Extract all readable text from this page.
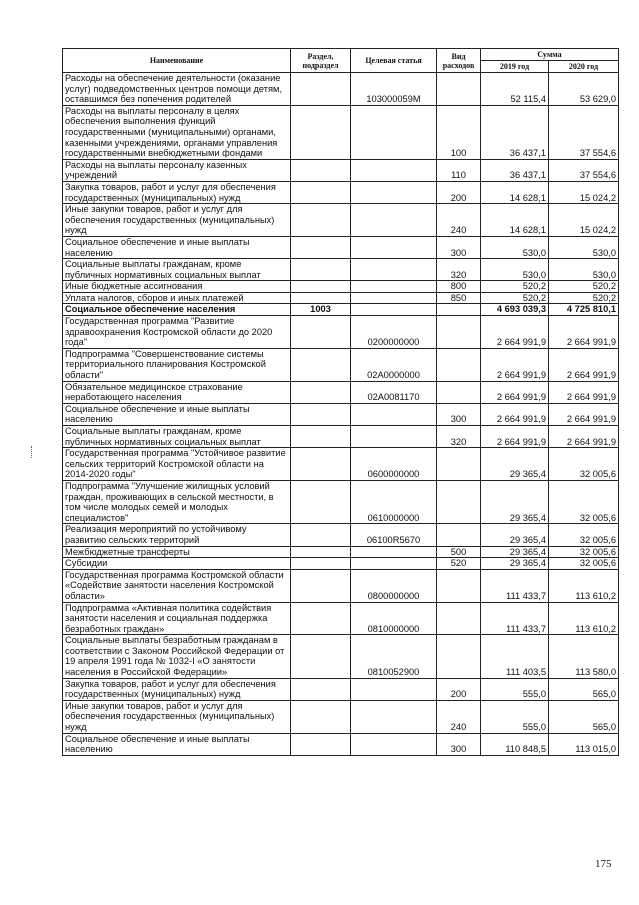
Наименование	Раздел, подраздел	Целевая статья	Вид расходов	Сумма	
				2019 год	2020 год
Расходы на обеспечение деятельности (оказание услуг) подведомственных центров помощи детям, оставшимся без попечения родителей		103000059M		52 115,4	53 629,0
Расходы на выплаты персоналу в целях обеспечения выполнения функций государственными (муниципальными) органами, казенными учреждениями, органами управления государственными внебюджетными фондами			100	36 437,1	37 554,6
Расходы на выплаты персоналу казенных учреждений			110	36 437,1	37 554,6
Закупка товаров, работ и услуг для обеспечения государственных (муниципальных) нужд			200	14 628,1	15 024,2
Иные закупки товаров, работ и услуг для обеспечения государственных (муниципальных) нужд			240	14 628,1	15 024,2
Социальное обеспечение и иные выплаты населению			300	530,0	530,0
Социальные выплаты гражданам, кроме публичных нормативных социальных выплат			320	530,0	530,0
Иные бюджетные ассигнования			800	520,2	520,2
Уплата налогов, сборов и иных платежей			850	520,2	520,2
Социальное обеспечение населения	1003			4 693 039,3	4 725 810,1
Государственная программа "Развитие здравоохранения Костромской области до 2020 года"		0200000000		2 664 991,9	2 664 991,9
Подпрограмма "Совершенствование системы территориального планирования Костромской области"		02A0000000		2 664 991,9	2 664 991,9
Обязательное медицинское страхование неработающего населения		02A0081170		2 664 991,9	2 664 991,9
Социальное обеспечение и иные выплаты населению			300	2 664 991,9	2 664 991,9
Социальные выплаты гражданам, кроме публичных нормативных социальных выплат			320	2 664 991,9	2 664 991,9
Государственная программа "Устойчивое развитие сельских территорий Костромской области на 2014-2020 годы"		0600000000		29 365,4	32 005,6
Подпрограмма "Улучшение жилищных условий граждан, проживающих в сельской местности, в том числе молодых семей и молодых специалистов"		0610000000		29 365,4	32 005,6
Реализация мероприятий по устойчивому развитию сельских территорий		06100R5670		29 365,4	32 005,6
Межбюджетные трансферты			500	29 365,4	32 005,6
Субсидии			520	29 365,4	32 005,6
Государственная программа Костромской области «Содействие занятости населения Костромской области»		0800000000		111 433,7	113 610,2
Подпрограмма «Активная политика содействия занятости населения и социальная поддержка безработных граждан»		0810000000		111 433,7	113 610,2
Социальные выплаты безработным гражданам в соответствии с Законом Российской Федерации от 19 апреля 1991 года № 1032-I «О занятости населения в Российской Федерации»		0810052900		111 403,5	113 580,0
Закупка товаров, работ и услуг для обеспечения государственных (муниципальных) нужд			200	555,0	565,0
Иные закупки товаров, работ и услуг для обеспечения государственных (муниципальных) нужд			240	555,0	565,0
Социальное обеспечение и иные выплаты населению			300	110 848,5	113 015,0
175
